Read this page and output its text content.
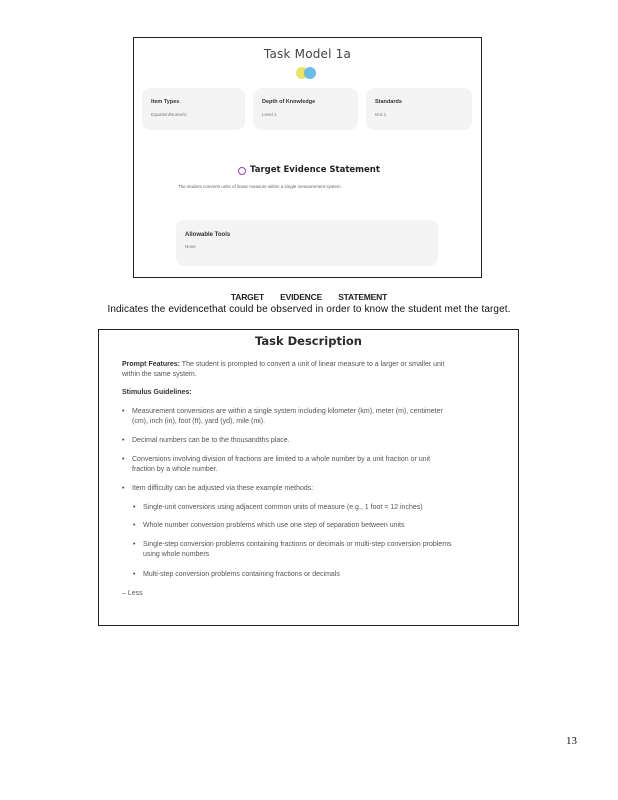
Task Model 1a
Item Types
Equation/Numeric
Depth of Knowledge
Level 1
Standards
M.5.1
Target Evidence Statement
The student converts units of linear measure within a single measurement system.
Allowable Tools
None
TARGET EVIDENCE STATEMENT
Indicates the evidencethat could be observed in order to know the student met the target.
Task Description
Prompt Features: The student is prompted to convert a unit of linear measure to a larger or smaller unit
within the same system.
Stimulus Guidelines:
• Measurement conversions are within a single system including kilometer (km), meter (m), centimeter
(cm), inch (in), foot (ft), yard (yd), mile (mi).
• Decimal numbers can be to the thousandths place.
• Conversions involving division of fractions are limited to a whole number by a unit fraction or unit
fraction by a whole number.
• Item difficulty can be adjusted via these example methods:
• Single-unit conversions using adjacent common units of measure (e.g., 1 foot = 12 inches)
• Whole number conversion problems which use one step of separation between units
• Single-step conversion problems containing fractions or decimals or multi-step conversion problems
using whole numbers
• Multi-step conversion problems containing fractions or decimals
– Less
13
